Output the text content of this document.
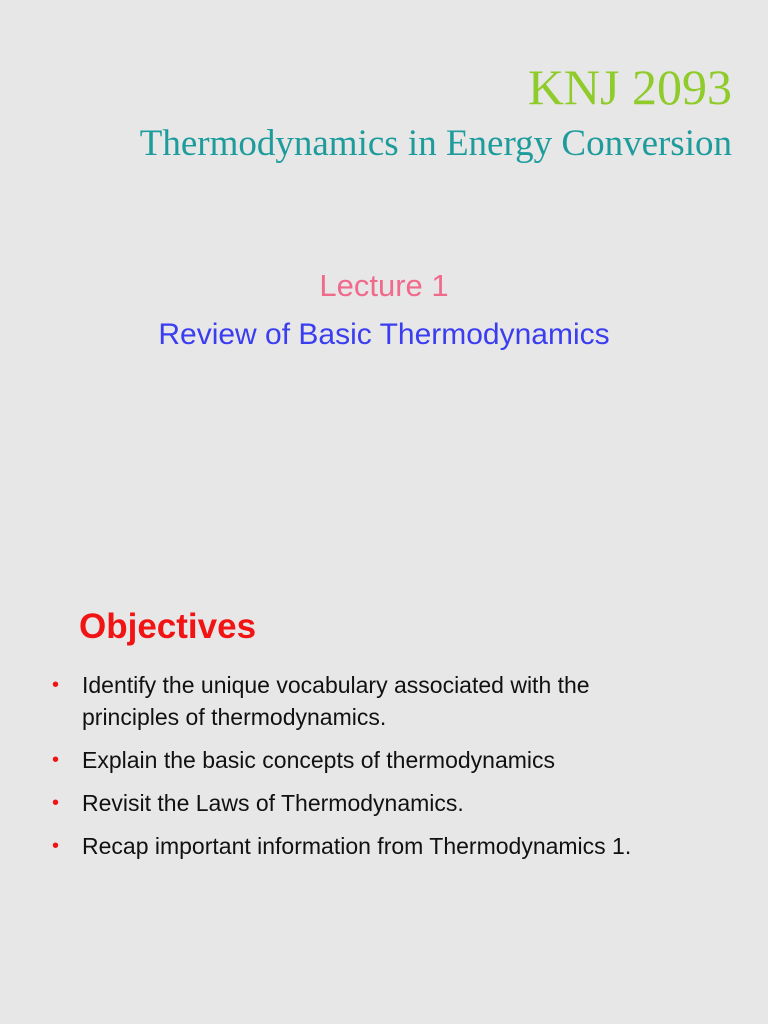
KNJ 2093
Thermodynamics in Energy Conversion
Lecture 1
Review of Basic Thermodynamics
Objectives
• Identify the unique vocabulary associated with the principles of thermodynamics.
• Explain the basic concepts of thermodynamics
• Revisit the Laws of Thermodynamics.
• Recap important information from Thermodynamics 1.
